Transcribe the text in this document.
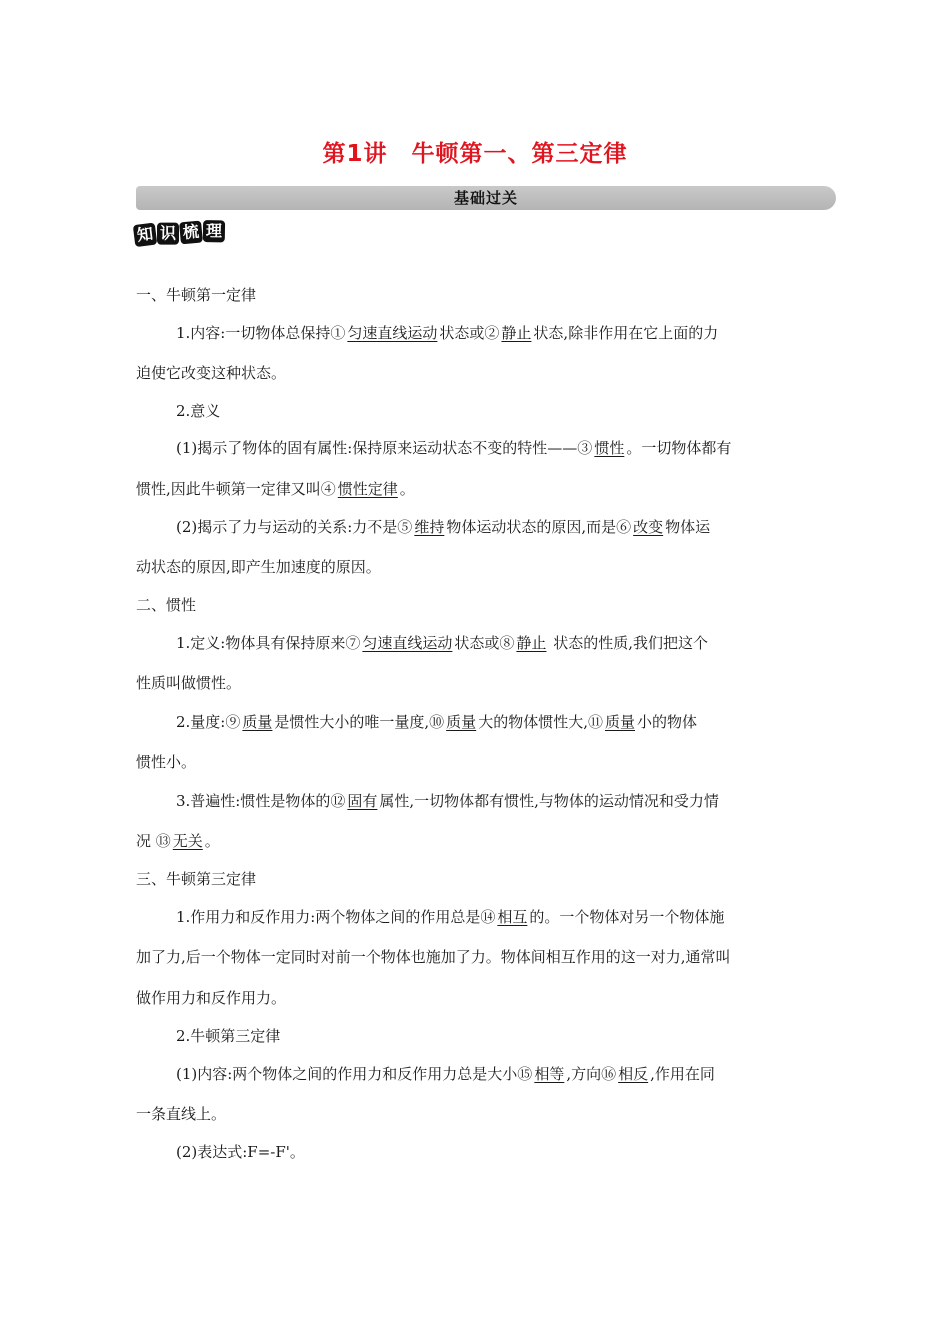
第1讲　牛顿第一、第三定律
基础过关
知 识 梳 理
一、牛顿第一定律
1.内容:一切物体总保持① 匀速直线运动 状态或② 静止 状态,除非作用在它上面的力
迫使它改变这种状态。
2.意义
(1)揭示了物体的固有属性:保持原来运动状态不变的特性——③ 惯性 。一切物体都有
惯性,因此牛顿第一定律又叫④ 惯性定律 。
(2)揭示了力与运动的关系:力不是⑤ 维持 物体运动状态的原因,而是⑥ 改变 物体运
动状态的原因,即产生加速度的原因。
二、惯性
1.定义:物体具有保持原来⑦ 匀速直线运动 状态或⑧ 静止 状态的性质,我们把这个
性质叫做惯性。
2.量度:⑨ 质量 是惯性大小的唯一量度,⑩ 质量 大的物体惯性大,⑪ 质量 小的物体
惯性小。
3.普遍性:惯性是物体的⑫ 固有 属性,一切物体都有惯性,与物体的运动情况和受力情
况 ⑬ 无关 。
三、牛顿第三定律
1.作用力和反作用力:两个物体之间的作用总是⑭ 相互 的。一个物体对另一个物体施
加了力,后一个物体一定同时对前一个物体也施加了力。物体间相互作用的这一对力,通常叫
做作用力和反作用力。
2.牛顿第三定律
(1)内容:两个物体之间的作用力和反作用力总是大小⑮ 相等 ,方向⑯ 相反 ,作用在同
一条直线上。
(2)表达式:F=-F'。
